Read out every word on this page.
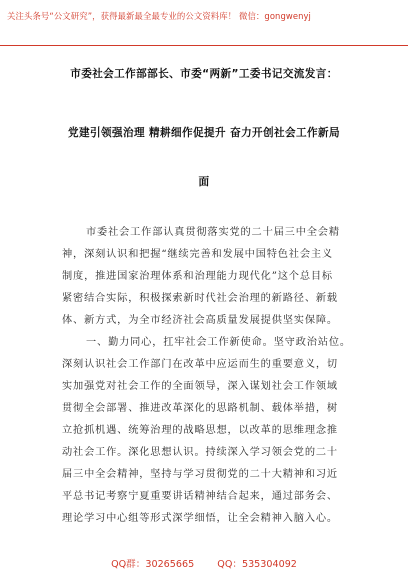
关注头条号“公文研究”，获得最新最全最专业的公文资料库！ 微信：gongwenyj
市委社会工作部部长、市委“两新”工委书记交流发言：
党建引领强治理 精耕细作促提升 奋力开创社会工作新局
面
市委社会工作部认真贯彻落实党的二十届三中全会精
神，深刻认识和把握“继续完善和发展中国特色社会主义
制度，推进国家治理体系和治理能力现代化”这个总目标
紧密结合实际，积极探索新时代社会治理的新路径、新载
体、新方式，为全市经济社会高质量发展提供坚实保障。
一、勤力同心，扛牢社会工作新使命。坚守政治站位。
深刻认识社会工作部门在改革中应运而生的重要意义，切
实加强党对社会工作的全面领导，深入谋划社会工作领域
贯彻全会部署、推进改革深化的思路机制、载体举措，树
立抢抓机遇、统筹治理的战略思想，以改革的思维理念推
动社会工作。深化思想认识。持续深入学习领会党的二十
届三中全会精神，坚持与学习贯彻党的二十大精神和习近
平总书记考察宁夏重要讲话精神结合起来，通过部务会、
理论学习中心组等形式深学细悟，让全会精神入脑入心。
QQ群：30265665 QQ：535304092
